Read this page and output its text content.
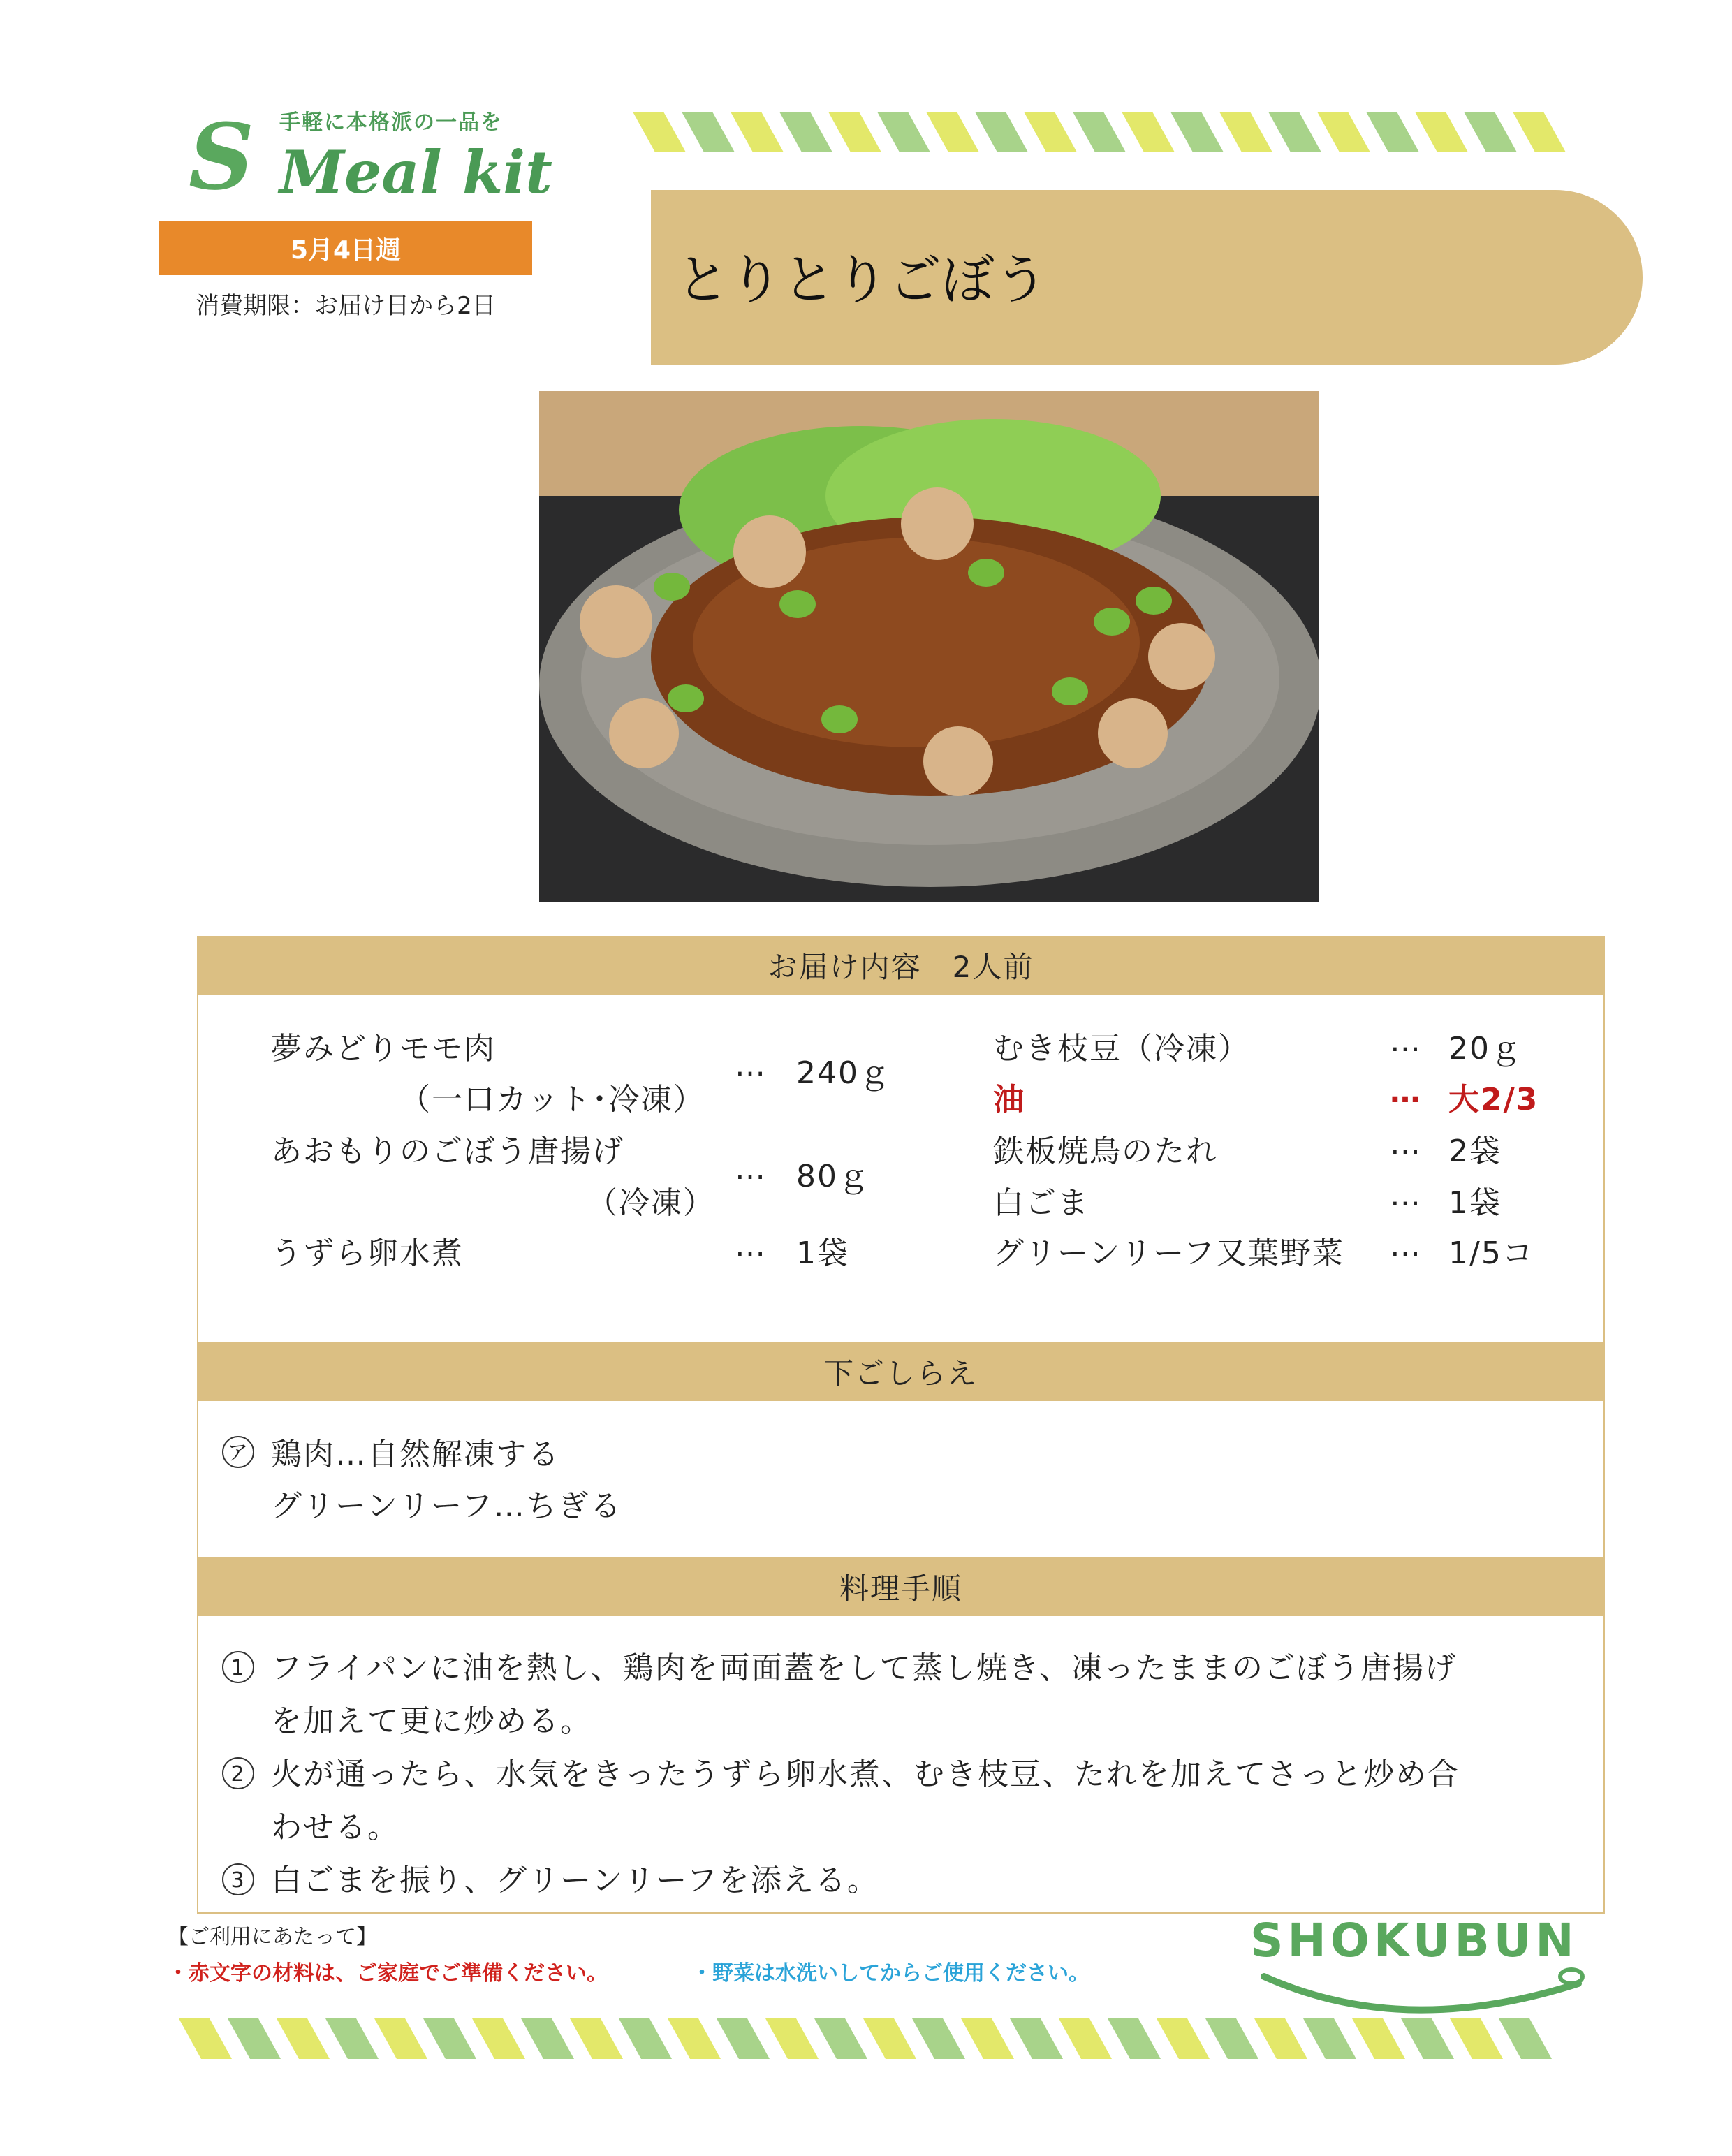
手軽に本格派の一品を
S Meal kit
5月4日週
消費期限：お届け日から2日	とりとりごぼう
お届け内容　2人前
夢みどりモモ肉
（一口カット･冷凍）
… 240ｇ
あおもりのごぼう唐揚げ
（冷凍）
… 80ｇ
うずら卵水煮	… 1袋
むき枝豆（冷凍）	… 20ｇ
油	… 大2/3
鉄板焼鳥のたれ	… 2袋
白ごま	… 1袋
グリーンリーフ又葉野菜 … 1/5コ
下ごしらえ
ア 鶏肉…自然解凍する
グリーンリーフ…ちぎる
料理手順
1 フライパンに油を熱し、鶏肉を両面蓋をして蒸し焼き、凍ったままのごぼう唐揚げ
を加えて更に炒める。
2 火が通ったら、水気をきったうずら卵水煮、むき枝豆、たれを加えてさっと炒め合
わせる。
3 白ごまを振り、グリーンリーフを添える。
【ご利用にあたって】
・赤文字の材料は、ご家庭でご準備ください。	・野菜は水洗いしてからご使用ください。
SHOKUBUN
